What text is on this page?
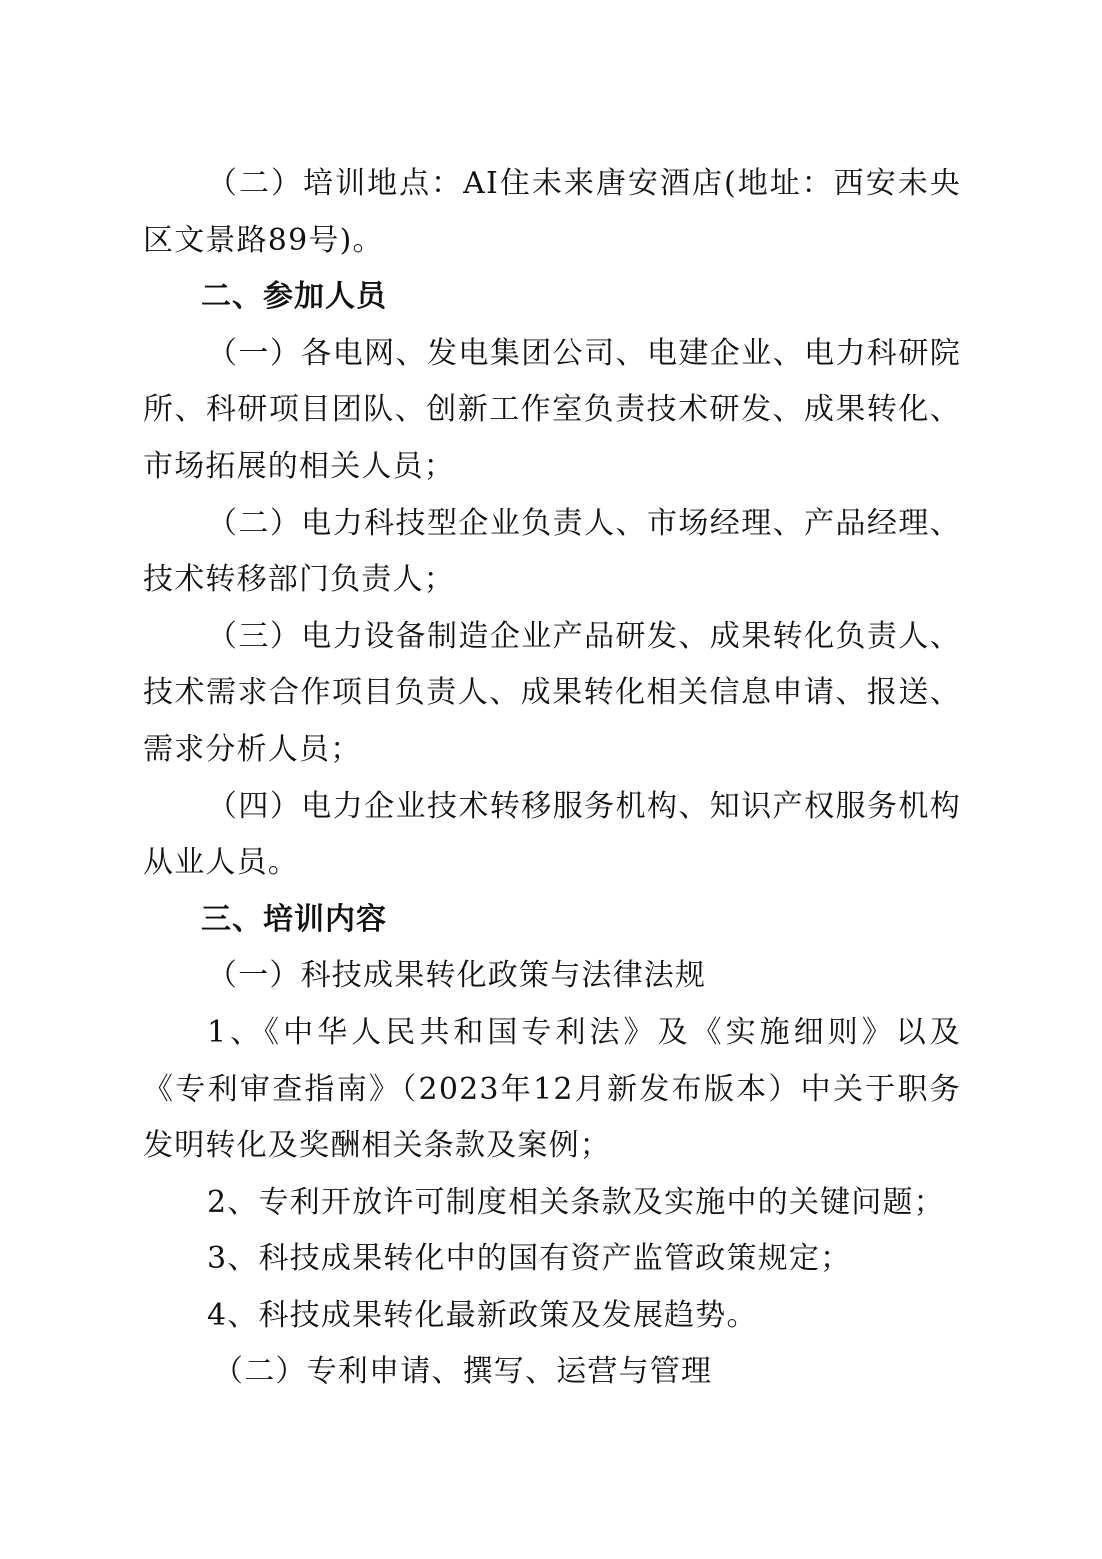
（二）培训地点：AI住未来唐安酒店(地址：西安未央区文景路89号)。

二、参加人员

（一）各电网、发电集团公司、电建企业、电力科研院所、科研项目团队、创新工作室负责技术研发、成果转化、市场拓展的相关人员；

（二）电力科技型企业负责人、市场经理、产品经理、技术转移部门负责人；

（三）电力设备制造企业产品研发、成果转化负责人、技术需求合作项目负责人、成果转化相关信息申请、报送、需求分析人员；

（四）电力企业技术转移服务机构、知识产权服务机构从业人员。

三、培训内容

（一）科技成果转化政策与法律法规

1、《中华人民共和国专利法》及《实施细则》以及《专利审查指南》（2023年12月新发布版本）中关于职务发明转化及奖酬相关条款及案例；

2、专利开放许可制度相关条款及实施中的关键问题；

3、科技成果转化中的国有资产监管政策规定；

4、科技成果转化最新政策及发展趋势。

（二）专利申请、撰写、运营与管理
